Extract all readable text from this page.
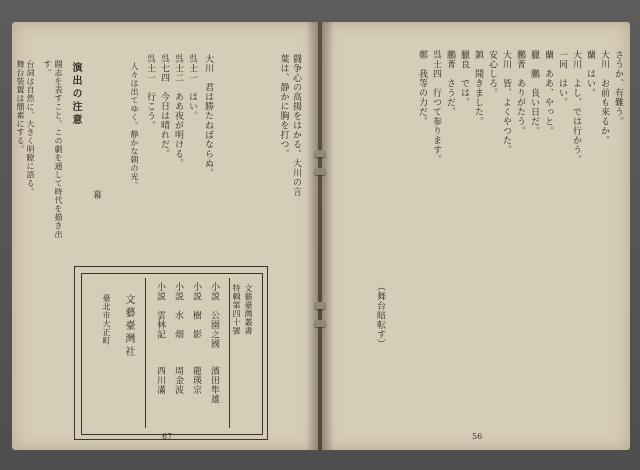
闘争心の高揚をはかる。大川の言葉は、静かに胸を打つ。
大川　君は勝たねばならぬ。
呉士一　はい。
呉士二　ああ夜が明ける。
呉七四　今日は晴れだ。
呉士一　行こう。
人々は出てゆく。静かな朝の光。
幕
演出の注意
闘志を表すこと。この劇を通して時代を描き出す。
台詞は自然に、大きく明瞭に語る。
舞台装置は簡素にする。
文藝臺灣叢書
特輯第四十號
小説　公園之國
濱田隼雄
小説　樹　影
龍瑛宗
小説　水　畑
周金波
小説　雲林記
西川滿
文藝臺灣社
臺北市大正町
67
さうか、有難う。
大川　お前も来るか。
蘭　はい。
大川　よし、では行かう。
一同　はい。
蘭　ああ、やっと。
臘　鵬　良い日だ。
鵬菁　ありがたう。
大川　皆、よくやつた。
安心しろ。
鎮　聞きました。
臘良　では。
鵬菁　さうだ。
呉士四　行つて参ります。
鄭　我等の力だ。
（舞台暗転す）
56
